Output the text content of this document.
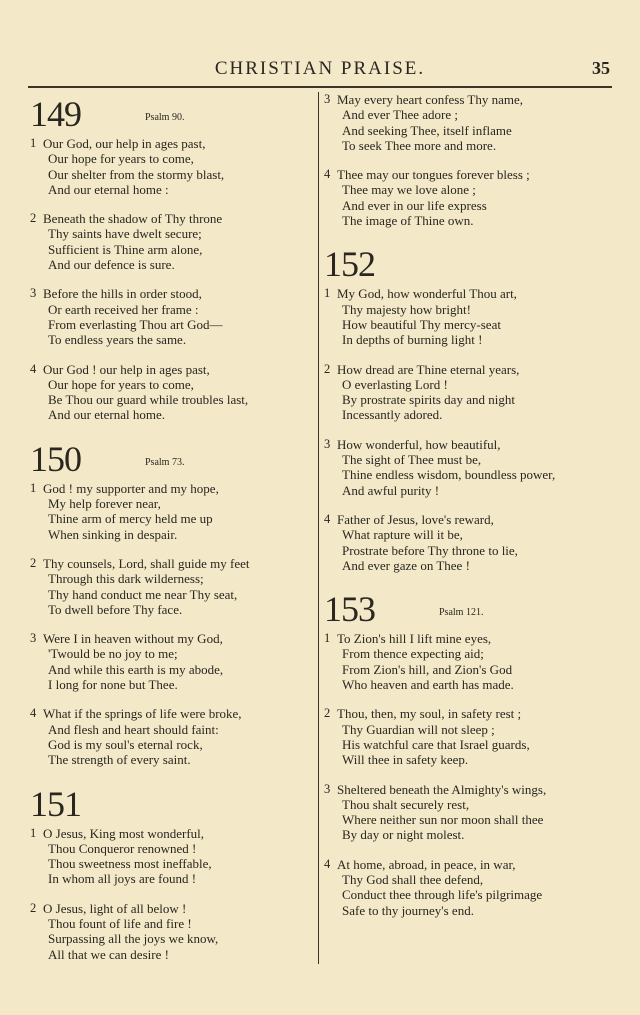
CHRISTIAN PRAISE.	35
149	Psalm 90.
1 Our God, our help in ages past,
Our hope for years to come,
Our shelter from the stormy blast,
And our eternal home :
2 Beneath the shadow of Thy throne
Thy saints have dwelt secure;
Sufficient is Thine arm alone,
And our defence is sure.
3 Before the hills in order stood,
Or earth received her frame :
From everlasting Thou art God—
To endless years the same.
4 Our God ! our help in ages past,
Our hope for years to come,
Be Thou our guard while troubles last,
And our eternal home.
150	Psalm 73.
1 God ! my supporter and my hope,
My help forever near,
Thine arm of mercy held me up
When sinking in despair.
2 Thy counsels, Lord, shall guide my feet
Through this dark wilderness;
Thy hand conduct me near Thy seat,
To dwell before Thy face.
3 Were I in heaven without my God,
'Twould be no joy to me;
And while this earth is my abode,
I long for none but Thee.
4 What if the springs of life were broke,
And flesh and heart should faint:
God is my soul's eternal rock,
The strength of every saint.
151
1 O Jesus, King most wonderful,
Thou Conqueror renowned !
Thou sweetness most ineffable,
In whom all joys are found !
2 O Jesus, light of all below !
Thou fount of life and fire !
Surpassing all the joys we know,
All that we can desire !
3 May every heart confess Thy name,
And ever Thee adore ;
And seeking Thee, itself inflame
To seek Thee more and more.
4 Thee may our tongues forever bless ;
Thee may we love alone ;
And ever in our life express
The image of Thine own.
152
1 My God, how wonderful Thou art,
Thy majesty how bright!
How beautiful Thy mercy-seat
In depths of burning light !
2 How dread are Thine eternal years,
O everlasting Lord !
By prostrate spirits day and night
Incessantly adored.
3 How wonderful, how beautiful,
The sight of Thee must be,
Thine endless wisdom, boundless power,
And awful purity !
4 Father of Jesus, love's reward,
What rapture will it be,
Prostrate before Thy throne to lie,
And ever gaze on Thee !
153	Psalm 121.
1 To Zion's hill I lift mine eyes,
From thence expecting aid;
From Zion's hill, and Zion's God
Who heaven and earth has made.
2 Thou, then, my soul, in safety rest ;
Thy Guardian will not sleep ;
His watchful care that Israel guards,
Will thee in safety keep.
3 Sheltered beneath the Almighty's wings,
Thou shalt securely rest,
Where neither sun nor moon shall thee
By day or night molest.
4 At home, abroad, in peace, in war,
Thy God shall thee defend,
Conduct thee through life's pilgrimage
Safe to thy journey's end.
